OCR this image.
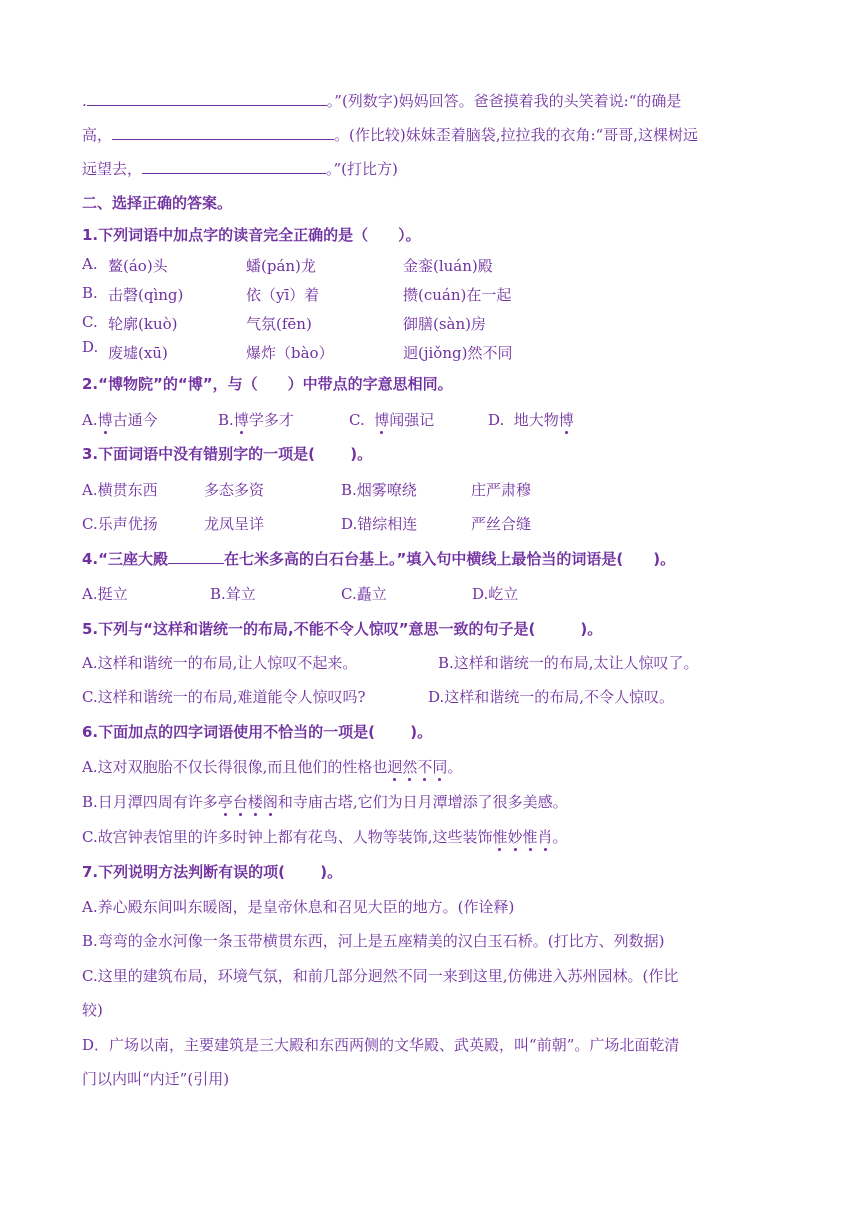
.	。”(列数字)妈妈回答。爸爸摸着我的头笑着说:“的确是
高，	。(作比较)妹妹歪着脑袋,拉拉我的衣角:“哥哥,这棵树远
远望去，	。”(打比方)
二、选择正确的答案。
1.下列词语中加点字的读音完全正确的是（　　）。
A. 鳌(áo)头	蟠(pán)龙	金銮(luán)殿
B. 击磬(qìng)	依（yī）着	攒(cuán)在一起
C. 轮廓(kuò)	气氛(fēn)	御膳(sàn)房
D. 废墟(xū)	爆炸（bào）	迥(jiǒng)然不同
2.“博物院”的“博”，与（　　）中带点的字意思相同。
A.博古通今	B.博学多才	C.  博闻强记	D.  地大物博
3.下面词语中没有错别字的一项是(　　 )。
A.横贯东西	多态多资	B.烟雾嘹绕	庄严肃穆
C.乐声优扬	龙凤呈详	D.错综相连	严丝合缝
4.“三座大殿	在七米多高的白石台基上。”填入句中横线上最恰当的词语是(　　)。
A.挺立	B.耸立	C.矗立	D.屹立
5.下列与“这样和谐统一的布局,不能不令人惊叹”意思一致的句子是(　　　)。
A.这样和谐统一的布局,让人惊叹不起来。	B.这样和谐统一的布局,太让人惊叹了。
C.这样和谐统一的布局,难道能令人惊叹吗?	D.这样和谐统一的布局,不令人惊叹。
6.下面加点的四字词语使用不恰当的一项是(　　 )。
A.这对双胞胎不仅长得很像,而且他们的性格也迥然不同。
B.日月潭四周有许多亭台楼阁和寺庙古塔,它们为日月潭增添了很多美感。
C.故宫钟表馆里的许多时钟上都有花鸟、人物等装饰,这些装饰惟妙惟肖。
7.下列说明方法判断有误的项(　　 )。
A.养心殿东间叫东暖阁，是皇帝休息和召见大臣的地方。(作诠释)
B.弯弯的金水河像一条玉带横贯东西，河上是五座精美的汉白玉石桥。(打比方、列数据)
C.这里的建筑布局，环境气氛，和前几部分迥然不同一来到这里,仿佛进入苏州园林。(作比
较)
D．广场以南，主要建筑是三大殿和东西两侧的文华殿、武英殿，叫“前朝”。广场北面乾清
门以内叫“内迁”(引用)
